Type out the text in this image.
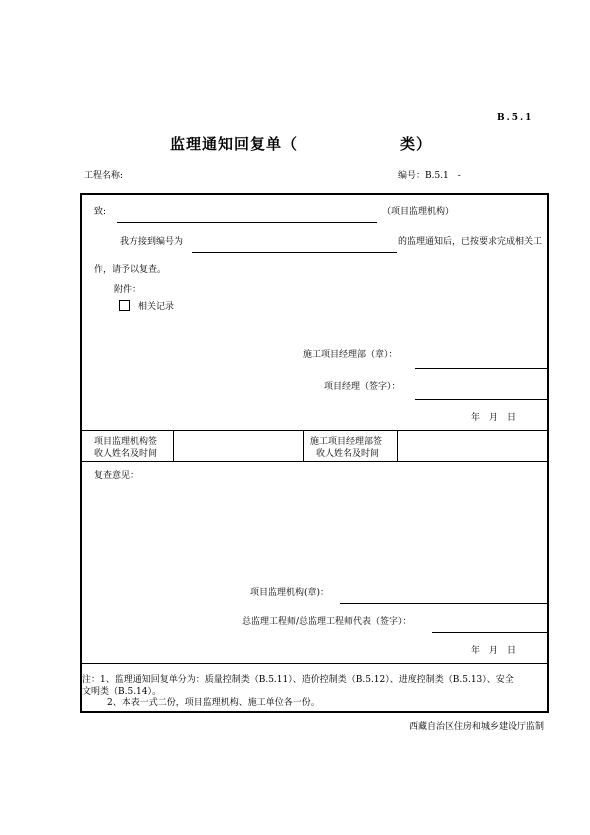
B.5.1
监理通知回复单（	类）
工程名称:	编号：B.5.1　-
致:	（项目监理机构）
我方接到编号为	的监理通知后，已按要求完成相关工
作，请予以复查。
附件：
相关记录
施工项目经理部（章）：
项目经理（签字）：
年　月　日
项目监理机构签
收人姓名及时间
施工项目经理部签
收人姓名及时间
复查意见：
项目监理机构(章)：
总监理工程师/总监理工程师代表（签字）：
年　月　日
注：1、监理通知回复单分为：质量控制类（B.5.11）、造价控制类（B.5.12）、进度控制类（B.5.13）、安全
文明类（B.5.14）。
2、本表一式二份，项目监理机构、施工单位各一份。
西藏自治区住房和城乡建设厅监制
